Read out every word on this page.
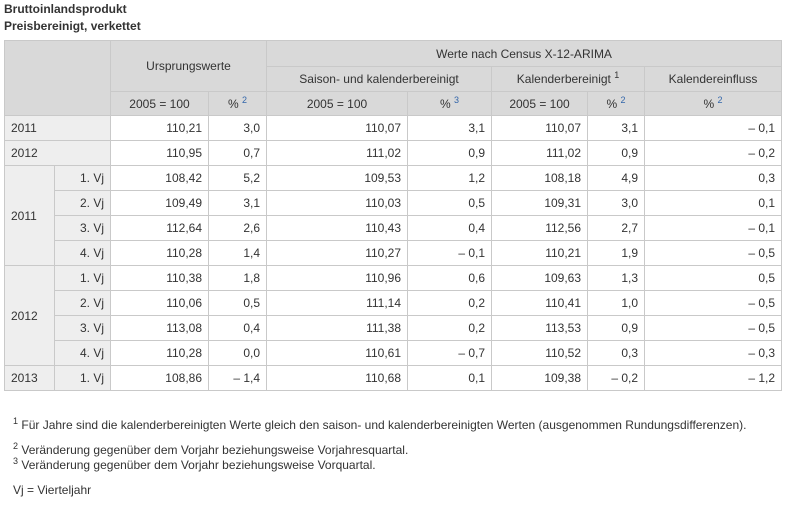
Bruttoinlandsprodukt
Preisbereinigt, verkettet
		Ursprungswerte		Werte nach Census X-12-ARIMA				
				Saison- und kalenderbereinigt		Kalenderbereinigt $^1$		Kalendereinfluss
		2005 = 100	% $^2$	2005 = 100	% $^3$	2005 = 100	% $^2$	% $^2$
2011		110,21	3,0	110,07	3,1	110,07	3,1	– 0,1
2012		110,95	0,7	111,02	0,9	111,02	0,9	– 0,2
2011	1. Vj	108,42	5,2	109,53	1,2	108,18	4,9	0,3
	2. Vj	109,49	3,1	110,03	0,5	109,31	3,0	0,1
	3. Vj	112,64	2,6	110,43	0,4	112,56	2,7	– 0,1
	4. Vj	110,28	1,4	110,27	– 0,1	110,21	1,9	– 0,5
2012	1. Vj	110,38	1,8	110,96	0,6	109,63	1,3	0,5
	2. Vj	110,06	0,5	111,14	0,2	110,41	1,0	– 0,5
	3. Vj	113,08	0,4	111,38	0,2	113,53	0,9	– 0,5
	4. Vj	110,28	0,0	110,61	– 0,7	110,52	0,3	– 0,3
2013	1. Vj	108,86	– 1,4	110,68	0,1	109,38	– 0,2	– 1,2
$^1$ Für Jahre sind die kalenderbereinigten Werte gleich den saison- und kalenderbereinigten Werten (ausgenommen Rundungsdifferenzen).
$^2$ Veränderung gegenüber dem Vorjahr beziehungsweise Vorjahresquartal.
$^3$ Veränderung gegenüber dem Vorjahr beziehungsweise Vorquartal.
Vj = Vierteljahr
